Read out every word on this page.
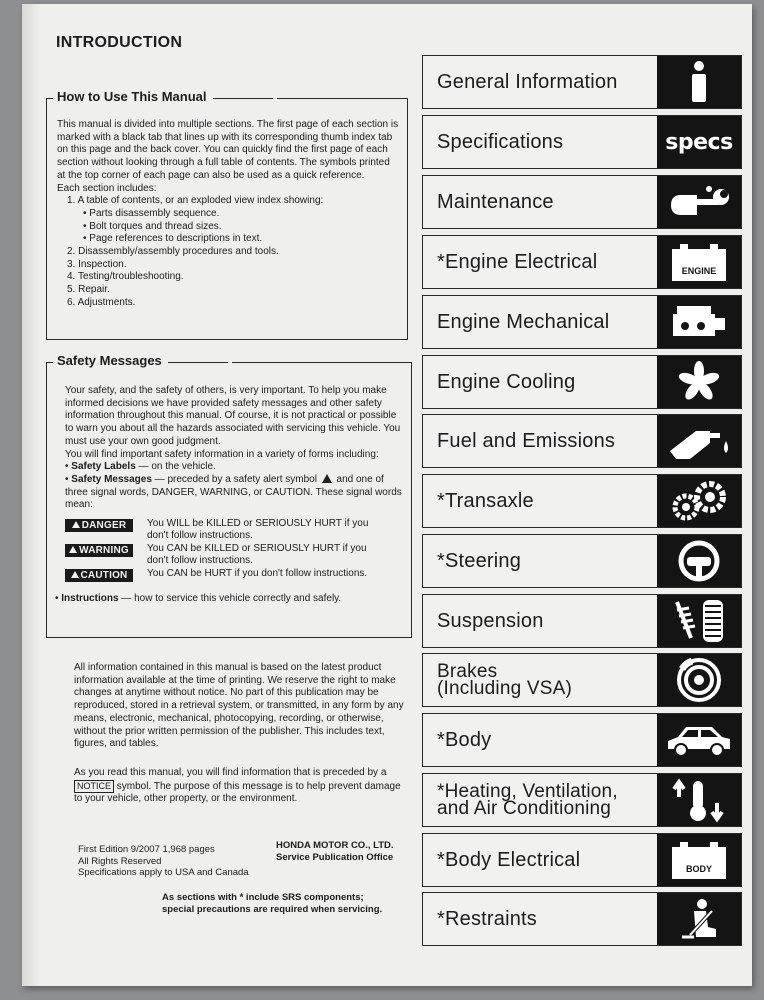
INTRODUCTION
How to Use This Manual

This manual is divided into multiple sections. The first page of each section is marked with a black tab that lines up with its corresponding thumb index tab on this page and the back cover. You can quickly find the first page of each section without looking through a full table of contents. The symbols printed at the top corner of each page can also be used as a quick reference.

Each section includes:

1. A table of contents, or an exploded view index showing:

• Parts disassembly sequence.

• Bolt torques and thread sizes.

• Page references to descriptions in text.

2. Disassembly/assembly procedures and tools.

3. Inspection.

4. Testing/troubleshooting.

5. Repair.

6. Adjustments.

Safety Messages

Your safety, and the safety of others, is very important. To help you make informed decisions we have provided safety messages and other safety information throughout this manual. Of course, it is not practical or possible to warn you about all the hazards associated with servicing this vehicle. You must use your own good judgment.

You will find important safety information in a variety of forms including:

• Safety Labels — on the vehicle.

• Safety Messages — preceded by a safety alert symbol  and one of three signal words, DANGER, WARNING, or CAUTION. These signal words mean:

DANGER	You WILL be KILLED or SERIOUSLY HURT if you don't follow instructions.
WARNING	You CAN be KILLED or SERIOUSLY HURT if you don't follow instructions.
CAUTION	You CAN be HURT if you don't follow instructions.

• Instructions — how to service this vehicle correctly and safely.

All information contained in this manual is based on the latest product information available at the time of printing. We reserve the right to make changes at anytime without notice. No part of this publication may be reproduced, stored in a retrieval system, or transmitted, in any form by any means, electronic, mechanical, photocopying, recording, or otherwise, without the prior written permission of the publisher. This includes text, figures, and tables.
As you read this manual, you will find information that is preceded by a NOTICE symbol. The purpose of this message is to help prevent damage to your vehicle, other property, or the environment.
First Edition 9/2007 1,968 pages
All Rights Reserved
Specifications apply to USA and Canada
HONDA MOTOR CO., LTD.
Service Publication Office
As sections with * include SRS components;
special precautions are required when servicing.
General Information
Specifications	specs
Maintenance
*Engine Electrical	ENGINE
Engine Mechanical
Engine Cooling
Fuel and Emissions
*Transaxle
*Steering
Suspension
Brakes
(Including VSA)
*Body
*Heating, Ventilation,
and Air Conditioning
*Body Electrical	BODY
*Restraints
